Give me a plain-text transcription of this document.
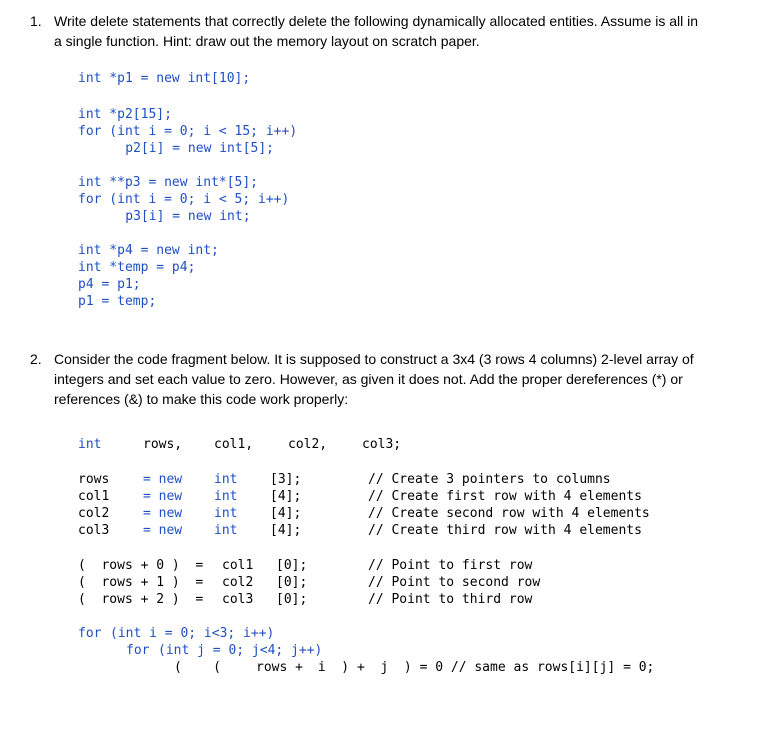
1. Write delete statements that correctly delete the following dynamically allocated entities. Assume is all in
a single function. Hint: draw out the memory layout on scratch paper.
int *p1 = new int[10];
int *p2[15];
for (int i = 0; i < 15; i++)
p2[i] = new int[5];
int **p3 = new int*[5];
for (int i = 0; i < 5; i++)
p3[i] = new int;
int *p4 = new int;
int *temp = p4;
p4 = p1;
p1 = temp;
2. Consider the code fragment below. It is supposed to construct a 3x4 (3 rows 4 columns) 2-level array of
integers and set each value to zero. However, as given it does not. Add the proper dereferences (*) or
references (&) to make this code work properly:
int	rows, col1,	col2,	col3;
rows	= new int	[3];	// Create 3 pointers to columns
col1	= new int	[4];	// Create first row with 4 elements
col2	= new int	[4];	// Create second row with 4 elements
col3	= new int	[4];	// Create third row with 4 elements
(  rows + 0 )  = col1 [0];	// Point to first row
(  rows + 1 )  = col2 [0];	// Point to second row
(  rows + 2 )  = col3 [0];	// Point to third row
for (int i = 0; i<3; i++)
for (int j = 0; j<4; j++)
(    (	rows + i  ) +  j  ) = 0 // same as rows[i][j] = 0;
